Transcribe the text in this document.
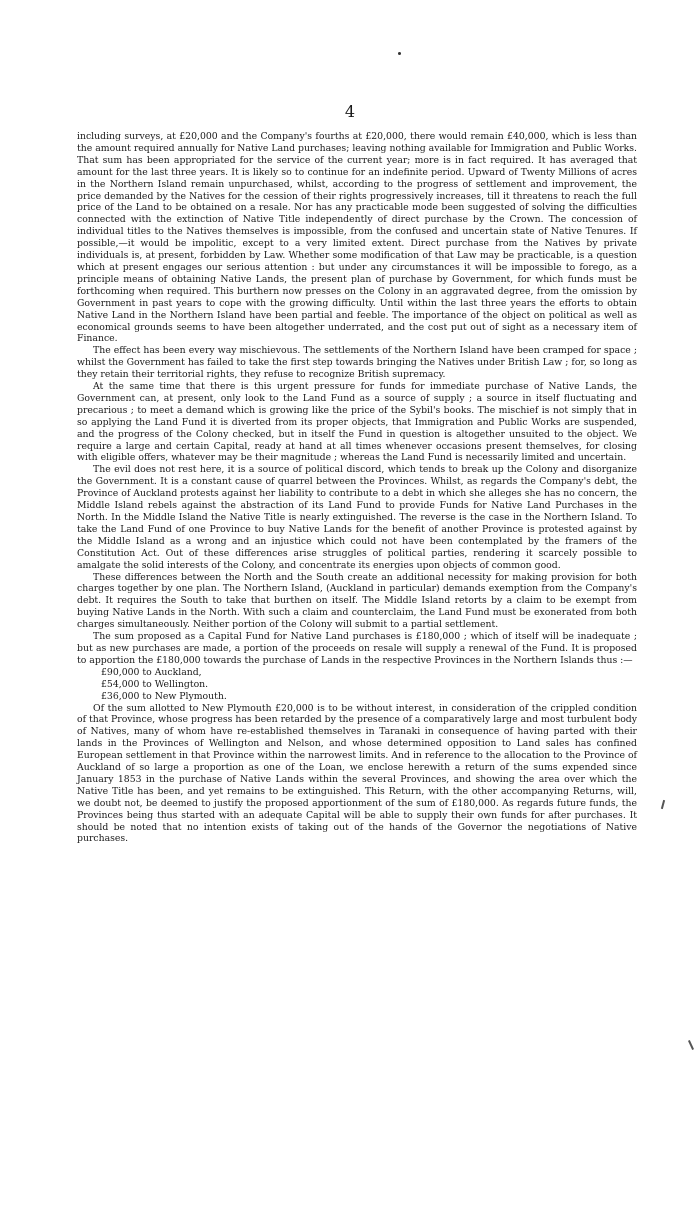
4

including surveys, at £20,000 and the Company's fourths at £20,000, there would remain £40,000, which is less than the amount required annually for Native Land purchases; leaving nothing available for Immigration and Public Works. That sum has been appropriated for the service of the current year; more is in fact required. It has averaged that amount for the last three years. It is likely so to continue for an indefinite period. Upward of Twenty Millions of acres in the Northern Island remain unpurchased, whilst, according to the progress of settlement and improvement, the price demanded by the Natives for the cession of their rights progressively increases, till it threatens to reach the full price of the Land to be obtained on a resale. Nor has any practicable mode been suggested of solving the difficulties connected with the extinction of Native Title independently of direct purchase by the Crown. The concession of individual titles to the Natives themselves is impossible, from the confused and uncertain state of Native Tenures. If possible,—it would be impolitic, except to a very limited extent. Direct purchase from the Natives by private individuals is, at present, forbidden by Law. Whether some modification of that Law may be practicable, is a question which at present engages our serious attention : but under any circumstances it will be impossible to forego, as a principle means of obtaining Native Lands, the present plan of purchase by Government, for which funds must be forthcoming when required. This burthern now presses on the Colony in an aggravated degree, from the omission by Government in past years to cope with the growing difficulty. Until within the last three years the efforts to obtain Native Land in the Northern Island have been partial and feeble. The importance of the object on political as well as economical grounds seems to have been altogether underrated, and the cost put out of sight as a necessary item of Finance.

The effect has been every way mischievous. The settlements of the Northern Island have been cramped for space ; whilst the Government has failed to take the first step towards bringing the Natives under British Law ; for, so long as they retain their territorial rights, they refuse to recognize British supremacy.

At the same time that there is this urgent pressure for funds for immediate purchase of Native Lands, the Government can, at present, only look to the Land Fund as a source of supply ; a source in itself fluctuating and precarious ; to meet a demand which is growing like the price of the Sybil's books. The mischief is not simply that in so applying the Land Fund it is diverted from its proper objects, that Immigration and Public Works are suspended, and the progress of the Colony checked, but in itself the Fund in question is altogether unsuited to the object. We require a large and certain Capital, ready at hand at all times whenever occasions present themselves, for closing with eligible offers, whatever may be their magnitude ; whereas the Land Fund is necessarily limited and uncertain.

The evil does not rest here, it is a source of political discord, which tends to break up the Colony and disorganize the Government. It is a constant cause of quarrel between the Provinces. Whilst, as regards the Company's debt, the Province of Auckland protests against her liability to contribute to a debt in which she alleges she has no concern, the Middle Island rebels against the abstraction of its Land Fund to provide Funds for Native Land Purchases in the North. In the Middle Island the Native Title is nearly extinguished. The reverse is the case in the Northern Island. To take the Land Fund of one Province to buy Native Lands for the benefit of another Province is protested against by the Middle Island as a wrong and an injustice which could not have been contemplated by the framers of the Constitution Act. Out of these differences arise struggles of political parties, rendering it scarcely possible to amalgate the solid interests of the Colony, and concentrate its energies upon objects of common good.

These differences between the North and the South create an additional necessity for making provision for both charges together by one plan. The Northern Island, (Auckland in particular) demands exemption from the Company's debt. It requires the South to take that burthen on itself. The Middle Island retorts by a claim to be exempt from buying Native Lands in the North. With such a claim and counterclaim, the Land Fund must be exonerated from both charges simultaneously. Neither portion of the Colony will submit to a partial settlement.

The sum proposed as a Capital Fund for Native Land purchases is £180,000 ; which of itself will be inadequate ; but as new purchases are made, a portion of the proceeds on resale will supply a renewal of the Fund. It is proposed to apportion the £180,000 towards the purchase of Lands in the respective Provinces in the Northern Islands thus :—

£90,000 to Auckland,
£54,000 to Wellington.
£36,000 to New Plymouth.

Of the sum allotted to New Plymouth £20,000 is to be without interest, in consideration of the crippled condition of that Province, whose progress has been retarded by the presence of a comparatively large and most turbulent body of Natives, many of whom have re-established themselves in Taranaki in consequence of having parted with their lands in the Provinces of Wellington and Nelson, and whose determined opposition to Land sales has confined European settlement in that Province within the narrowest limits. And in reference to the allocation to the Province of Auckland of so large a proportion as one of the Loan, we enclose herewith a return of the sums expended since January 1853 in the purchase of Native Lands within the several Provinces, and showing the area over which the Native Title has been, and yet remains to be extinguished. This Return, with the other accompanying Returns, will, we doubt not, be deemed to justify the proposed apportionment of the sum of £180,000. As regards future funds, the Provinces being thus started with an adequate Capital will be able to supply their own funds for after purchases. It should be noted that no intention exists of taking out of the hands of the Governor the negotiations of Native purchases.
